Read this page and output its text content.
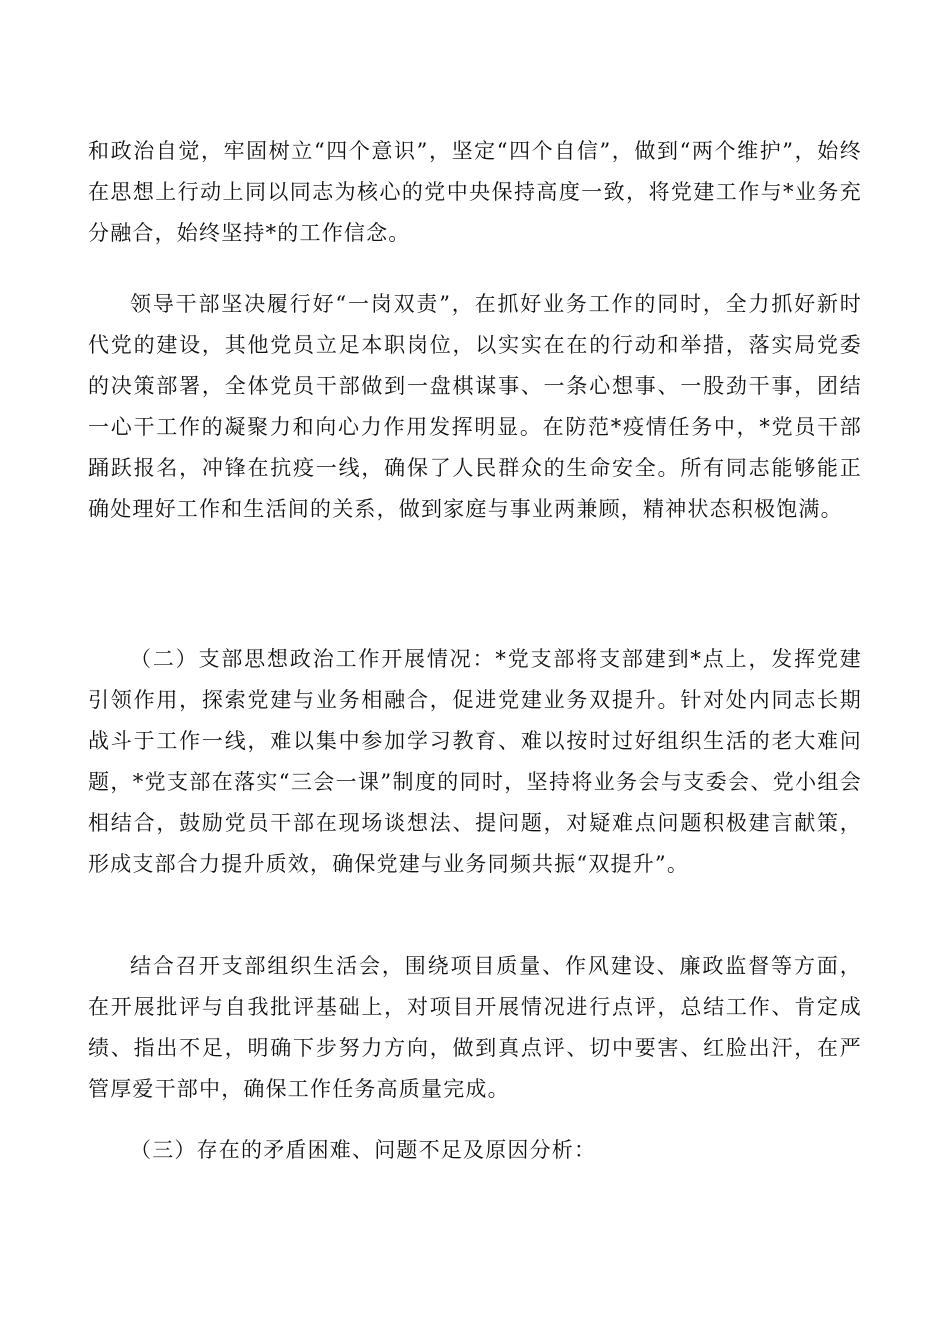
和政治自觉，牢固树立“四个意识”，坚定“四个自信”，做到“两个维护”，始终在思想上行动上同以同志为核心的党中央保持高度一致，将党建工作与*业务充分融合，始终坚持*的工作信念。

领导干部坚决履行好“一岗双责”，在抓好业务工作的同时，全力抓好新时代党的建设，其他党员立足本职岗位，以实实在在的行动和举措，落实局党委的决策部署，全体党员干部做到一盘棋谋事、一条心想事、一股劲干事，团结一心干工作的凝聚力和向心力作用发挥明显。在防范*疫情任务中，*党员干部踊跃报名，冲锋在抗疫一线，确保了人民群众的生命安全。所有同志能够能正确处理好工作和生活间的关系，做到家庭与事业两兼顾，精神状态积极饱满。

（二）支部思想政治工作开展情况：*党支部将支部建到*点上，发挥党建引领作用，探索党建与业务相融合，促进党建业务双提升。针对处内同志长期战斗于工作一线，难以集中参加学习教育、难以按时过好组织生活的老大难问题，*党支部在落实“三会一课”制度的同时，坚持将业务会与支委会、党小组会相结合，鼓励党员干部在现场谈想法、提问题，对疑难点问题积极建言献策，形成支部合力提升质效，确保党建与业务同频共振“双提升”。

结合召开支部组织生活会，围绕项目质量、作风建设、廉政监督等方面，在开展批评与自我批评基础上，对项目开展情况进行点评，总结工作、肯定成绩、指出不足，明确下步努力方向，做到真点评、切中要害、红脸出汗，在严管厚爱干部中，确保工作任务高质量完成。

（三）存在的矛盾困难、问题不足及原因分析：
